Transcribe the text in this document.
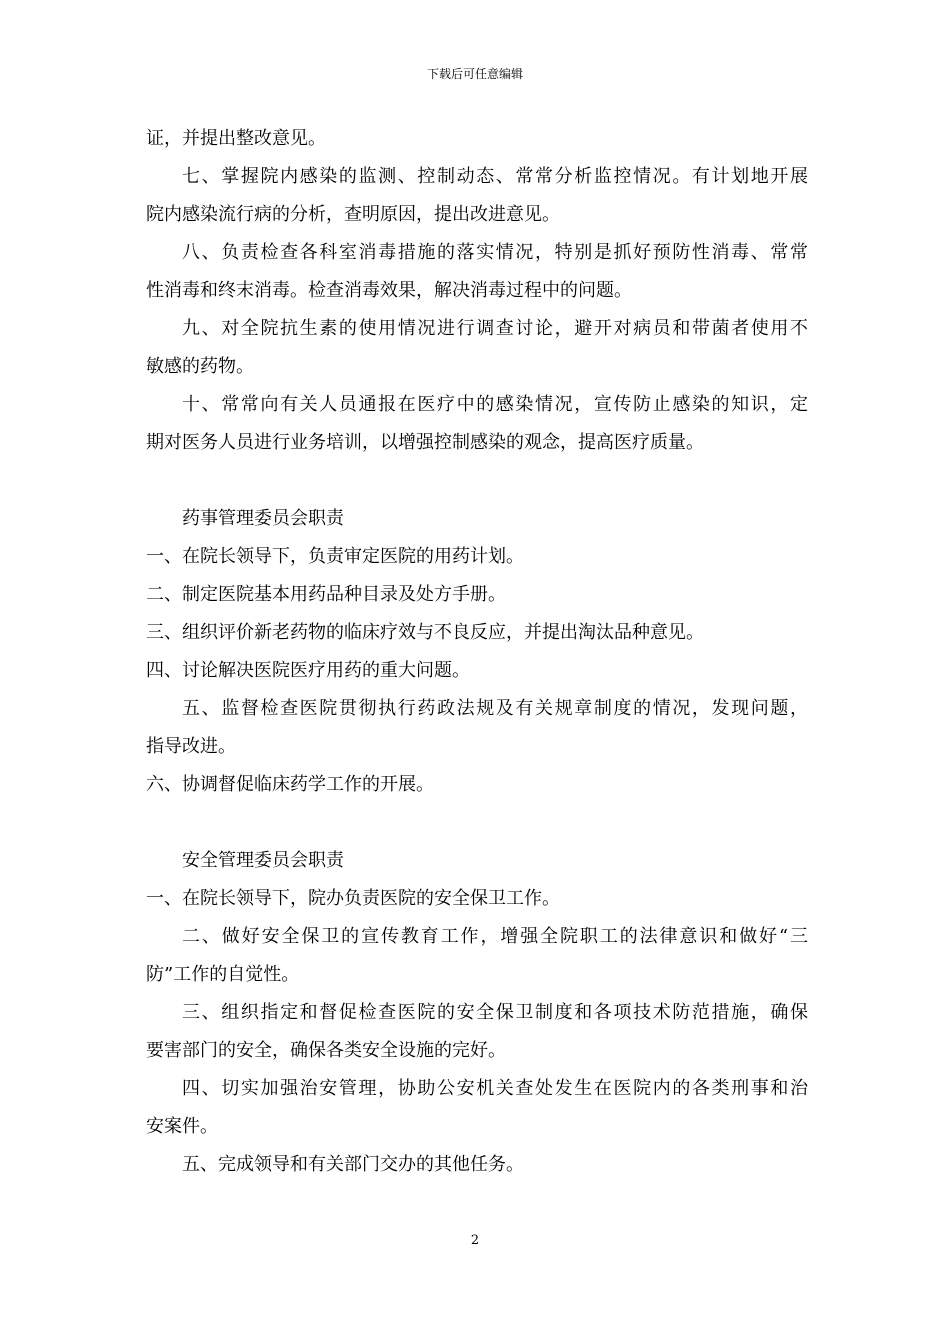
下载后可任意编辑

证，并提出整改意见。

七、掌握院内感染的监测、控制动态、常常分析监控情况。有计划地开展
院内感染流行病的分析，查明原因，提出改进意见。

八、负责检查各科室消毒措施的落实情况，特别是抓好预防性消毒、常常
性消毒和终末消毒。检查消毒效果，解决消毒过程中的问题。

九、对全院抗生素的使用情况进行调查讨论，避开对病员和带菌者使用不
敏感的药物。

十、常常向有关人员通报在医疗中的感染情况，宣传防止感染的知识，定
期对医务人员进行业务培训，以增强控制感染的观念，提高医疗质量。

药事管理委员会职责

一、在院长领导下，负责审定医院的用药计划。

二、制定医院基本用药品种目录及处方手册。

三、组织评价新老药物的临床疗效与不良反应，并提出淘汰品种意见。

四、讨论解决医院医疗用药的重大问题。

五、监督检查医院贯彻执行药政法规及有关规章制度的情况，发现问题，
指导改进。

六、协调督促临床药学工作的开展。

安全管理委员会职责

一、在院长领导下，院办负责医院的安全保卫工作。

二、做好安全保卫的宣传教育工作，增强全院职工的法律意识和做好“三
防”工作的自觉性。

三、组织指定和督促检查医院的安全保卫制度和各项技术防范措施，确保
要害部门的安全，确保各类安全设施的完好。

四、切实加强治安管理，协助公安机关查处发生在医院内的各类刑事和治
安案件。

五、完成领导和有关部门交办的其他任务。

2
